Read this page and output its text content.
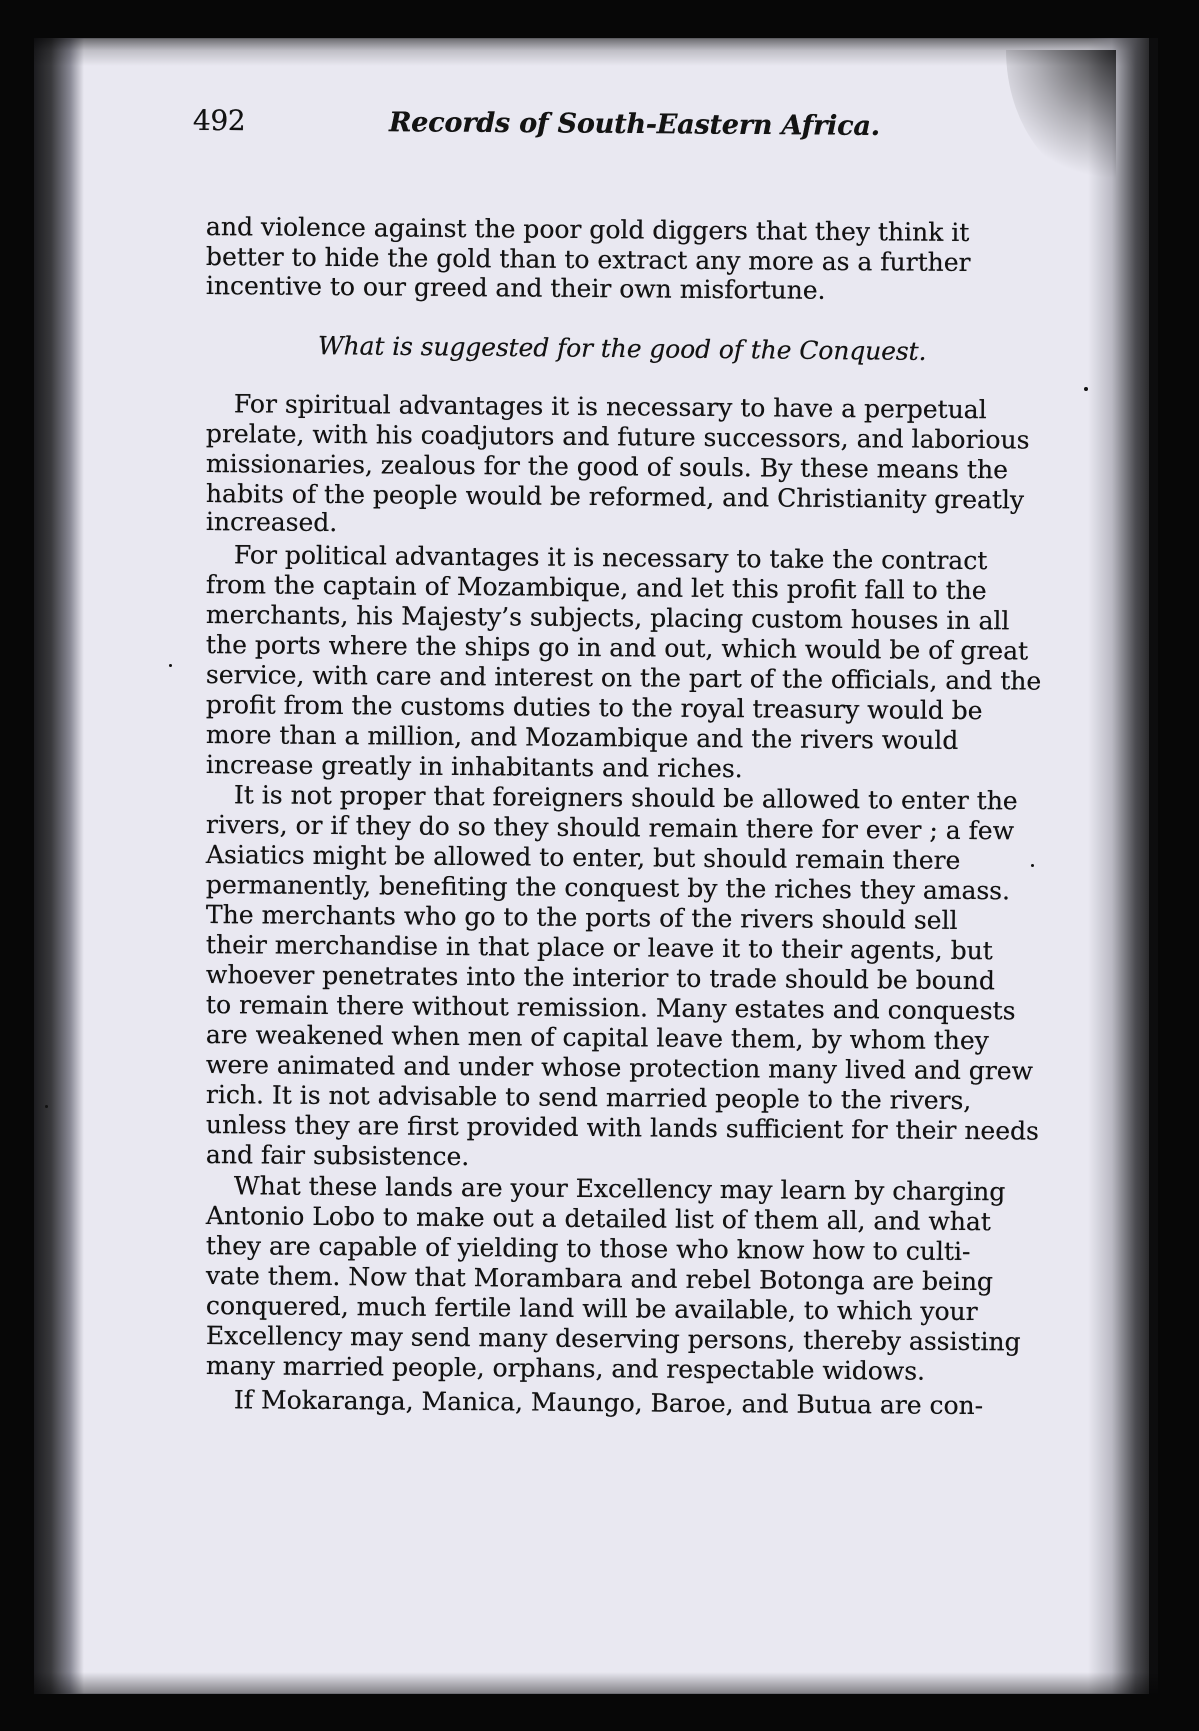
492	Records of South-Eastern Africa.
and violence against the poor gold diggers that they think it
better to hide the gold than to extract any more as a further
incentive to our greed and their own misfortune.
What is suggested for the good of the Conquest.
For spiritual advantages it is necessary to have a perpetual
prelate, with his coadjutors and future successors, and laborious
missionaries, zealous for the good of souls. By these means the
habits of the people would be reformed, and Christianity greatly
increased.
For political advantages it is necessary to take the contract
from the captain of Mozambique, and let this profit fall to the
merchants, his Majesty’s subjects, placing custom houses in all
the ports where the ships go in and out, which would be of great
service, with care and interest on the part of the officials, and the
profit from the customs duties to the royal treasury would be
more than a million, and Mozambique and the rivers would
increase greatly in inhabitants and riches.
It is not proper that foreigners should be allowed to enter the
rivers, or if they do so they should remain there for ever ; a few
Asiatics might be allowed to enter, but should remain there
permanently, benefiting the conquest by the riches they amass.
The merchants who go to the ports of the rivers should sell
their merchandise in that place or leave it to their agents, but
whoever penetrates into the interior to trade should be bound
to remain there without remission. Many estates and conquests
are weakened when men of capital leave them, by whom they
were animated and under whose protection many lived and grew
rich. It is not advisable to send married people to the rivers,
unless they are first provided with lands sufficient for their needs
and fair subsistence.
What these lands are your Excellency may learn by charging
Antonio Lobo to make out a detailed list of them all, and what
they are capable of yielding to those who know how to culti-
vate them. Now that Morambara and rebel Botonga are being
conquered, much fertile land will be available, to which your
Excellency may send many deserving persons, thereby assisting
many married people, orphans, and respectable widows.
If Mokaranga, Manica, Maungo, Baroe, and Butua are con-
